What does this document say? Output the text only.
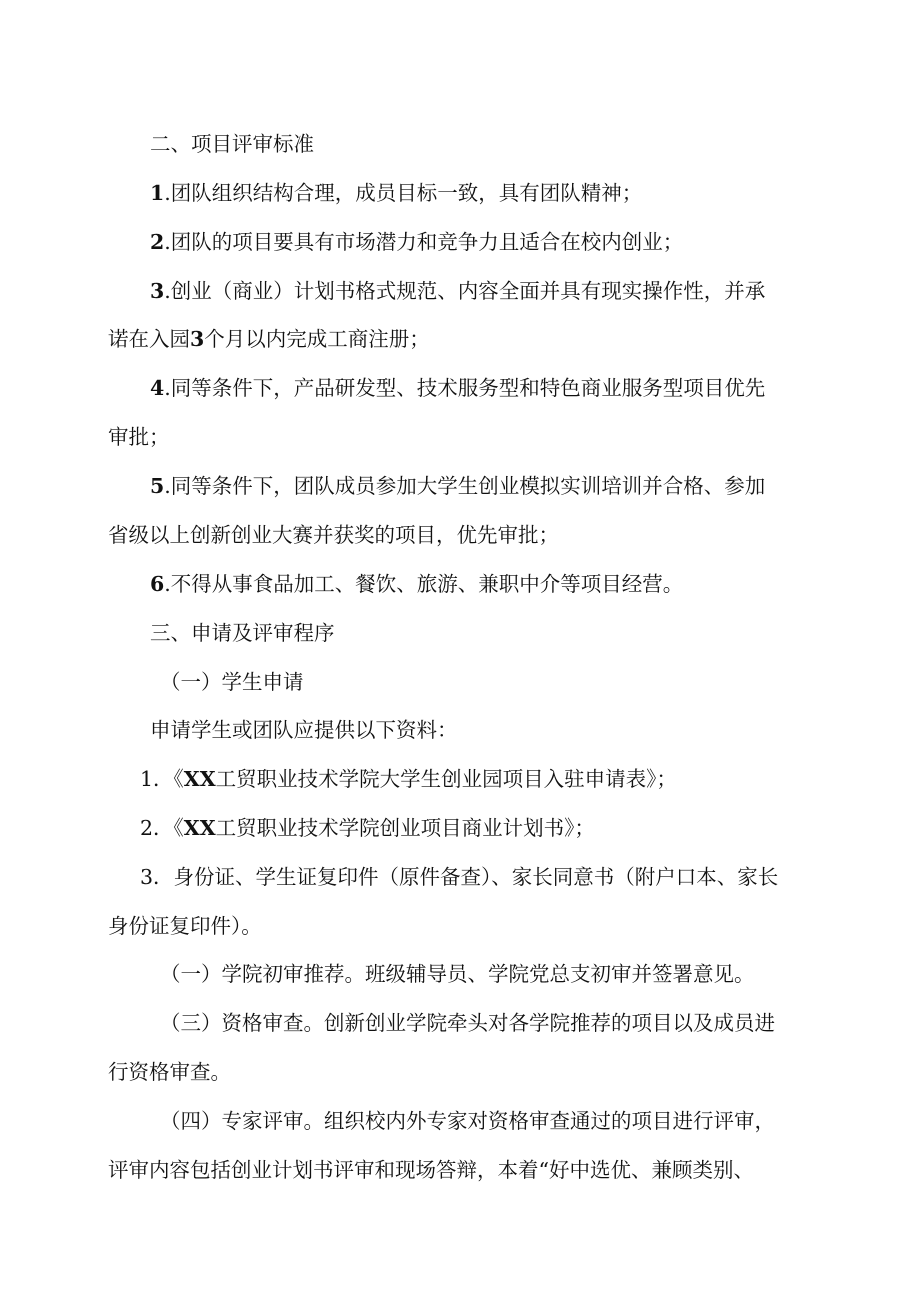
二、项目评审标准
1.团队组织结构合理，成员目标一致，具有团队精神；
2.团队的项目要具有市场潜力和竞争力且适合在校内创业；
3.创业（商业）计划书格式规范、内容全面并具有现实操作性，并承
诺在入园3个月以内完成工商注册；
4.同等条件下，产品研发型、技术服务型和特色商业服务型项目优先
审批；
5.同等条件下，团队成员参加大学生创业模拟实训培训并合格、参加
省级以上创新创业大赛并获奖的项目，优先审批；
6.不得从事食品加工、餐饮、旅游、兼职中介等项目经营。
三、申请及评审程序
（一）学生申请
申请学生或团队应提供以下资料：
1．《XX工贸职业技术学院大学生创业园项目入驻申请表》；
2．《XX工贸职业技术学院创业项目商业计划书》；
3．身份证、学生证复印件（原件备查）、家长同意书（附户口本、家长
身份证复印件）。
（一）学院初审推荐。班级辅导员、学院党总支初审并签署意见。
（三）资格审查。创新创业学院牵头对各学院推荐的项目以及成员进
行资格审查。
（四）专家评审。组织校内外专家对资格审查通过的项目进行评审，
评审内容包括创业计划书评审和现场答辩，本着“好中选优、兼顾类别、
